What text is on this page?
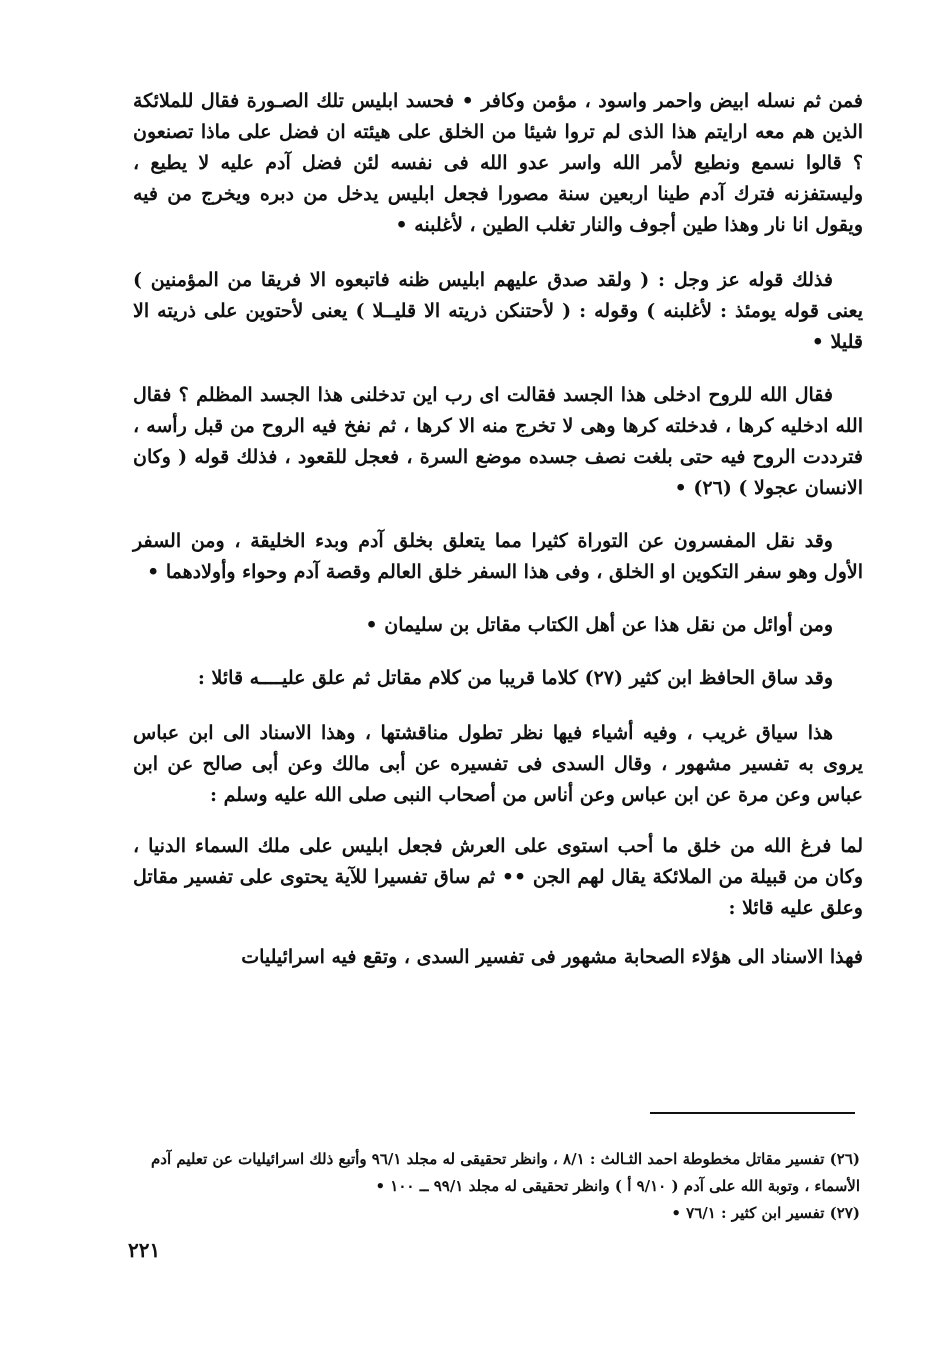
فمن ثم نسله ابيض واحمر واسود ، مؤمن وكافر • فحسد ابليس تلك الصـورة فقال للملائكة الذين هم معه ارايتم هذا الذى لم تروا شيئا من الخلق على هيئته ان فضل على ماذا تصنعون ؟ قالوا نسمع ونطيع لأمر الله واسر عدو الله فى نفسه لئن فضل آدم عليه لا يطيع ، وليستفزنه فترك آدم طينا اربعين سنة مصورا فجعل ابليس يدخل من دبره ويخرج من فيه ويقول انا نار وهذا طين أجوف والنار تغلب الطين ، لأغلبنه •

فذلك قوله عز وجل : ( ولقد صدق عليهم ابليس ظنه فاتبعوه الا فريقا من المؤمنين ) يعنى قوله يومئذ : لأغلبنه ) وقوله : ( لأحتنكن ذريته الا قليــلا ) يعنى لأحتوين على ذريته الا قليلا •

فقال الله للروح ادخلى هذا الجسد فقالت اى رب اين تدخلنى هذا الجسد المظلم ؟ فقال الله ادخليه كرها ، فدخلته كرها وهى لا تخرج منه الا كرها ، ثم نفخ فيه الروح من قبل رأسه ، فترددت الروح فيه حتى بلغت نصف جسده موضع السرة ، فعجل للقعود ، فذلك قوله ( وكان الانسان عجولا ) (٢٦) •

وقد نقل المفسرون عن التوراة كثيرا مما يتعلق بخلق آدم وبدء الخليقة ، ومن السفر الأول وهو سفر التكوين او الخلق ، وفى هذا السفر خلق العالم وقصة آدم وحواء وأولادهما •

ومن أوائل من نقل هذا عن أهل الكتاب مقاتل بن سليمان •

وقد ساق الحافظ ابن كثير (٢٧) كلاما قريبا من كلام مقاتل ثم علق عليــــه قائلا :

هذا سياق غريب ، وفيه أشياء فيها نظر تطول مناقشتها ، وهذا الاسناد الى ابن عباس يروى به تفسير مشهور ، وقال السدى فى تفسيره عن أبى مالك وعن أبى صالح عن ابن عباس وعن مرة عن ابن عباس وعن أناس من أصحاب النبى صلى الله عليه وسلم :

لما فرغ الله من خلق ما أحب استوى على العرش فجعل ابليس على ملك السماء الدنيا ، وكان من قبيلة من الملائكة يقال لهم الجن •• ثم ساق تفسيرا للآية يحتوى على تفسير مقاتل وعلق عليه قائلا :

فهذا الاسناد الى هؤلاء الصحابة مشهور فى تفسير السدى ، وتقع فيه اسرائيليات

(٢٦) تفسير مقاتل مخطوطة احمد الثـالث : ٨/١ ، وانظر تحقيقى له مجلد ٩٦/١ وأتبع ذلك اسرائيليات عن تعليم آدم الأسماء ، وتوبة الله على آدم ( ٩/١٠ أ ) وانظر تحقيقى له مجلد ٩٩/١ ــ ١٠٠ •

(٢٧) تفسير ابن كثير : ٧٦/١ •

٢٢١
